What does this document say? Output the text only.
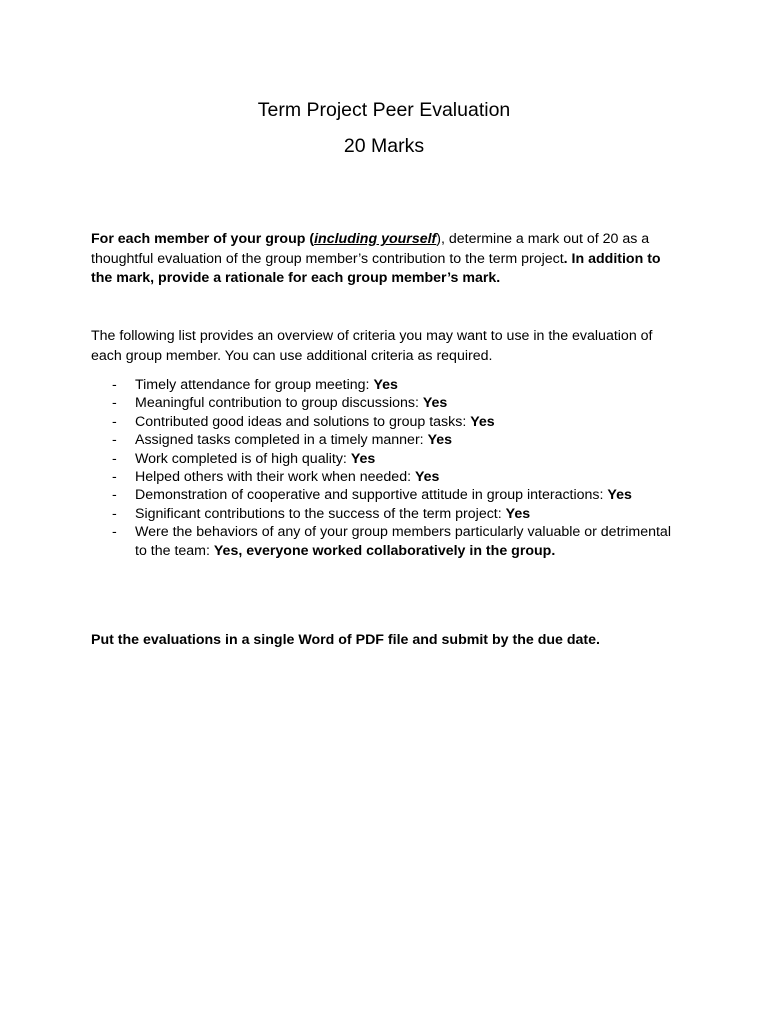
Term Project Peer Evaluation

20 Marks

For each member of your group (including yourself), determine a mark out of 20 as a thoughtful evaluation of the group member’s contribution to the term project. In addition to the mark, provide a rationale for each group member’s mark.

The following list provides an overview of criteria you may want to use in the evaluation of each group member. You can use additional criteria as required.

- Timely attendance for group meeting: Yes
- Meaningful contribution to group discussions: Yes
- Contributed good ideas and solutions to group tasks: Yes
- Assigned tasks completed in a timely manner: Yes
- Work completed is of high quality: Yes
- Helped others with their work when needed: Yes
- Demonstration of cooperative and supportive attitude in group interactions: Yes
- Significant contributions to the success of the term project: Yes
- Were the behaviors of any of your group members particularly valuable or detrimental to the team: Yes, everyone worked collaboratively in the group.

Put the evaluations in a single Word of PDF file and submit by the due date.
